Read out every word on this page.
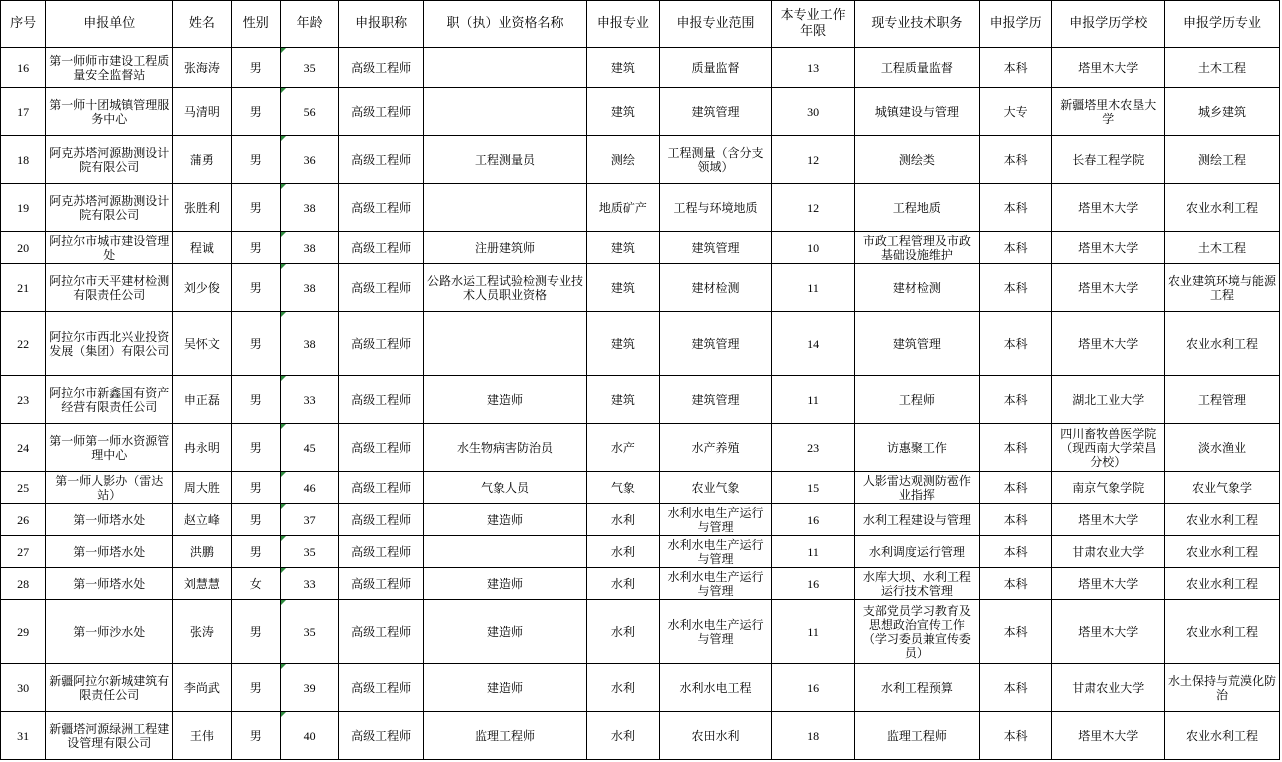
序号	申报单位	姓名	性别	年龄	申报职称	职（执）业资格名称	申报专业	申报专业范围	本专业工作年限	现专业技术职务	申报学历	申报学历学校	申报学历专业
16	第一师师市建设工程质量安全监督站	张海涛	男	35	高级工程师		建筑	质量监督	13	工程质量监督	本科	塔里木大学	土木工程
17	第一师十团城镇管理服务中心	马清明	男	56	高级工程师		建筑	建筑管理	30	城镇建设与管理	大专	新疆塔里木农垦大学	城乡建筑
18	阿克苏塔河源勘测设计院有限公司	蒲勇	男	36	高级工程师	工程测量员	测绘	工程测量（含分支领域）	12	测绘类	本科	长春工程学院	测绘工程
19	阿克苏塔河源勘测设计院有限公司	张胜利	男	38	高级工程师		地质矿产	工程与环境地质	12	工程地质	本科	塔里木大学	农业水利工程
20	阿拉尔市城市建设管理处	程诚	男	38	高级工程师	注册建筑师	建筑	建筑管理	10	市政工程管理及市政基础设施维护	本科	塔里木大学	土木工程
21	阿拉尔市天平建材检测有限责任公司	刘少俊	男	38	高级工程师	公路水运工程试验检测专业技术人员职业资格	建筑	建材检测	11	建材检测	本科	塔里木大学	农业建筑环境与能源工程
22	阿拉尔市西北兴业投资发展（集团）有限公司	吴怀文	男	38	高级工程师		建筑	建筑管理	14	建筑管理	本科	塔里木大学	农业水利工程
23	阿拉尔市新鑫国有资产经营有限责任公司	申正磊	男	33	高级工程师	建造师	建筑	建筑管理	11	工程师	本科	湖北工业大学	工程管理
24	第一师第一师水资源管理中心	冉永明	男	45	高级工程师	水生物病害防治员	水产	水产养殖	23	访惠聚工作	本科	四川畜牧兽医学院（现西南大学荣昌分校）	淡水渔业
25	第一师人影办（雷达站）	周大胜	男	46	高级工程师	气象人员	气象	农业气象	15	人影雷达观测防雹作业指挥	本科	南京气象学院	农业气象学
26	第一师塔水处	赵立峰	男	37	高级工程师	建造师	水利	水利水电生产运行与管理	16	水利工程建设与管理	本科	塔里木大学	农业水利工程
27	第一师塔水处	洪鹏	男	35	高级工程师		水利	水利水电生产运行与管理	11	水利调度运行管理	本科	甘肃农业大学	农业水利工程
28	第一师塔水处	刘慧慧	女	33	高级工程师	建造师	水利	水利水电生产运行与管理	16	水库大坝、水利工程运行技术管理	本科	塔里木大学	农业水利工程
29	第一师沙水处	张涛	男	35	高级工程师	建造师	水利	水利水电生产运行与管理	11	支部党员学习教育及思想政治宣传工作（学习委员兼宣传委员）	本科	塔里木大学	农业水利工程
30	新疆阿拉尔新城建筑有限责任公司	李尚武	男	39	高级工程师	建造师	水利	水利水电工程	16	水利工程预算	本科	甘肃农业大学	水土保持与荒漠化防治
31	新疆塔河源绿洲工程建设管理有限公司	王伟	男	40	高级工程师	监理工程师	水利	农田水利	18	监理工程师	本科	塔里木大学	农业水利工程
